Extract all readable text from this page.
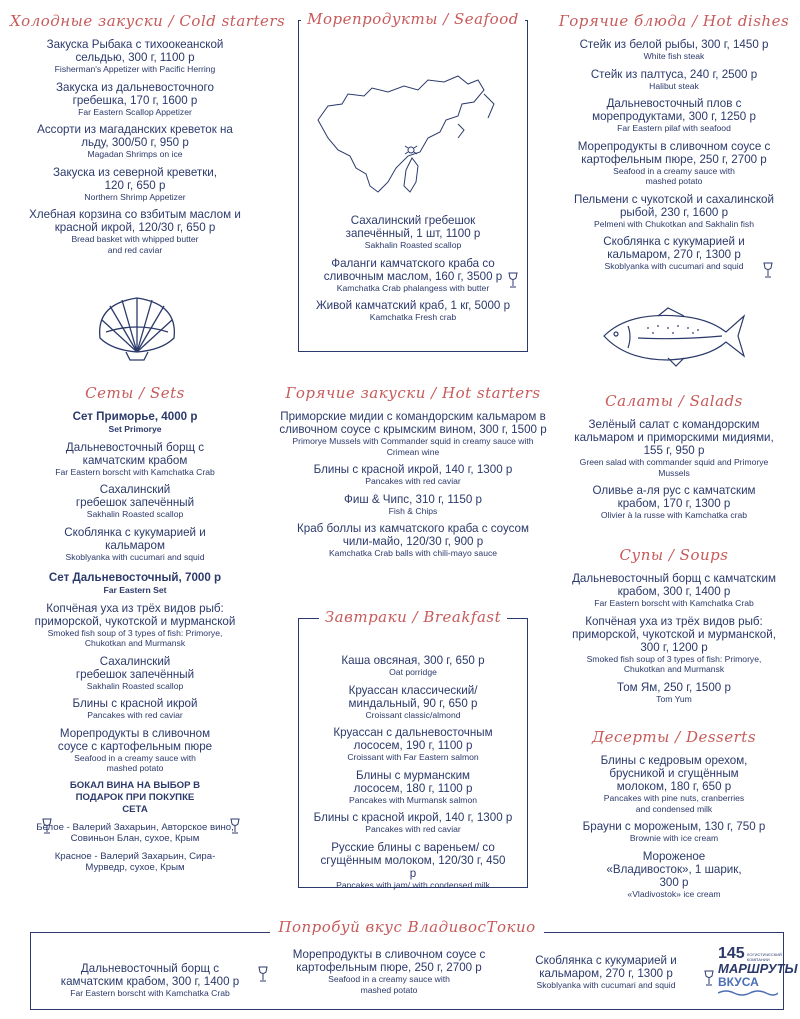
Холодные закуски / Cold starters
Закуска Рыбака с тихоокеанской сельдью, 300 г, 1100 р
Fisherman's Appetizer with Pacific Herring
Закуска из дальневосточного гребешка, 170 г, 1600 р
Far Eastern Scallop Appetizer
Ассорти из магаданских креветок на льду, 300/50 г, 950 р
Magadan Shrimps on ice
Закуска из северной креветки, 120 г, 650 р
Northern Shrimp Appetizer
Хлебная корзина со взбитым маслом и красной икрой, 120/30 г, 650 р
Bread basket with whipped butter and red caviar
Морепродукты / Seafood
Сахалинский гребешок запечённый, 1 шт, 1100 р
Sakhalin Roasted scallop
Фаланги камчатского краба со сливочным маслом, 160 г, 3500 р
Kamchatka Crab phalangess with butter
Живой камчатский краб, 1 кг, 5000 р
Kamchatka Fresh crab
Горячие блюда / Hot dishes
Стейк из белой рыбы, 300 г, 1450 р
White fish steak
Стейк из палтуса, 240 г, 2500 р
Halibut steak
Дальневосточный плов с морепродуктами, 300 г, 1250 р
Far Eastern pilaf with seafood
Морепродукты в сливочном соусе с картофельным пюре, 250 г, 2700 р
Seafood in a creamy sauce with mashed potato
Пельмени с чукотской и сахалинской рыбой, 230 г, 1600 р
Pelmeni with Chukotkan and Sakhalin fish
Скоблянка с кукумарией и кальмаром, 270 г, 1300 р
Skoblyanka with cucumari and squid
Сеты / Sets
Сет Приморье, 4000 р
Set Primorye
Дальневосточный борщ с камчатским крабом
Far Eastern borscht with Kamchatka Crab
Сахалинский гребешок запечённый
Sakhalin Roasted scallop
Скоблянка с кукумарией и кальмаром
Skoblyanka with cucumari and squid
Сет Дальневосточный, 7000 р
Far Eastern Set
Копчёная уха из трёх видов рыб: приморской, чукотской и мурманской
Smoked fish soup of 3 types of fish: Primorye, Chukotkan and Murmansk
Сахалинский гребешок запечённый
Sakhalin Roasted scallop
Блины с красной икрой
Pancakes with red caviar
Морепродукты в сливочном соусе с картофельным пюре
Seafood in a creamy sauce with mashed potato
БОКАЛ ВИНА НА ВЫБОР В ПОДАРОК ПРИ ПОКУПКЕ СЕТА
Белое - Валерий Захарьин, Авторское вино, Совиньон Блан, сухое, Крым
Красное - Валерий Захарьин, Сира-Мурведр, сухое, Крым
Горячие закуски / Hot starters
Приморские мидии с командорским кальмаром в сливочном соусе с крымским вином, 300 г, 1500 р
Primorye Mussels with Commander squid in creamy sauce with Crimean wine
Блины с красной икрой, 140 г, 1300 р
Pancakes with red caviar
Фиш & Чипс, 310 г, 1150 р
Fish & Chips
Краб боллы из камчатского краба с соусом чили-майо, 120/30 г, 900 р
Kamchatka Crab balls with chili-mayo sauce
Завтраки / Breakfast
Каша овсяная, 300 г, 650 р
Oat porridge
Круассан классический/ миндальный, 90 г, 650 р
Croissant classic/almond
Круассан с дальневосточным лососем, 190 г, 1100 р
Croissant with Far Eastern salmon
Блины с мурманским лососем, 180 г, 1100 р
Pancakes with Murmansk salmon
Блины с красной икрой, 140 г, 1300 р
Pancakes with red caviar
Русские блины с вареньем/ со сгущённым молоком, 120/30 г, 450 р
Pancakes with jam/ with condensed milk
Салаты / Salads
Зелёный салат с командорским кальмаром и приморскими мидиями, 155 г, 950 р
Green salad with commander squid and Primorye Mussels
Оливье а-ля рус с камчатским крабом, 170 г, 1300 р
Olivier à la russe with Kamchatka crab
Супы / Soups
Дальневосточный борщ с камчатским крабом, 300 г, 1400 р
Far Eastern borscht with Kamchatka Crab
Копчёная уха из трёх видов рыб: приморской, чукотской и мурманской, 300 г, 1200 р
Smoked fish soup of 3 types of fish: Primorye, Chukotkan and Murmansk
Том Ям, 250 г, 1500 р
Tom Yum
Десерты / Desserts
Блины с кедровым орехом, брусникой и сгущённым молоком, 180 г, 650 р
Pancakes with pine nuts, cranberries and condensed milk
Брауни с мороженым, 130 г, 750 р
Brownie with ice cream
Мороженое «Владивосток», 1 шарик, 300 р
«Vladivostok» ice cream
Попробуй вкус ВладивосТокио
Дальневосточный борщ с камчатским крабом, 300 г, 1400 р
Far Eastern borscht with Kamchatka Crab
Морепродукты в сливочном соусе с картофельным пюре, 250 г, 2700 р
Seafood in a creamy sauce with mashed potato
Скоблянка с кукумарией и кальмаром, 270 г, 1300 р
Skoblyanka with cucumari and squid
145 ЛОГИСТИЧЕСКИЙ КОМПАНИИ
МАРШРУТЫ
ВКУСА
